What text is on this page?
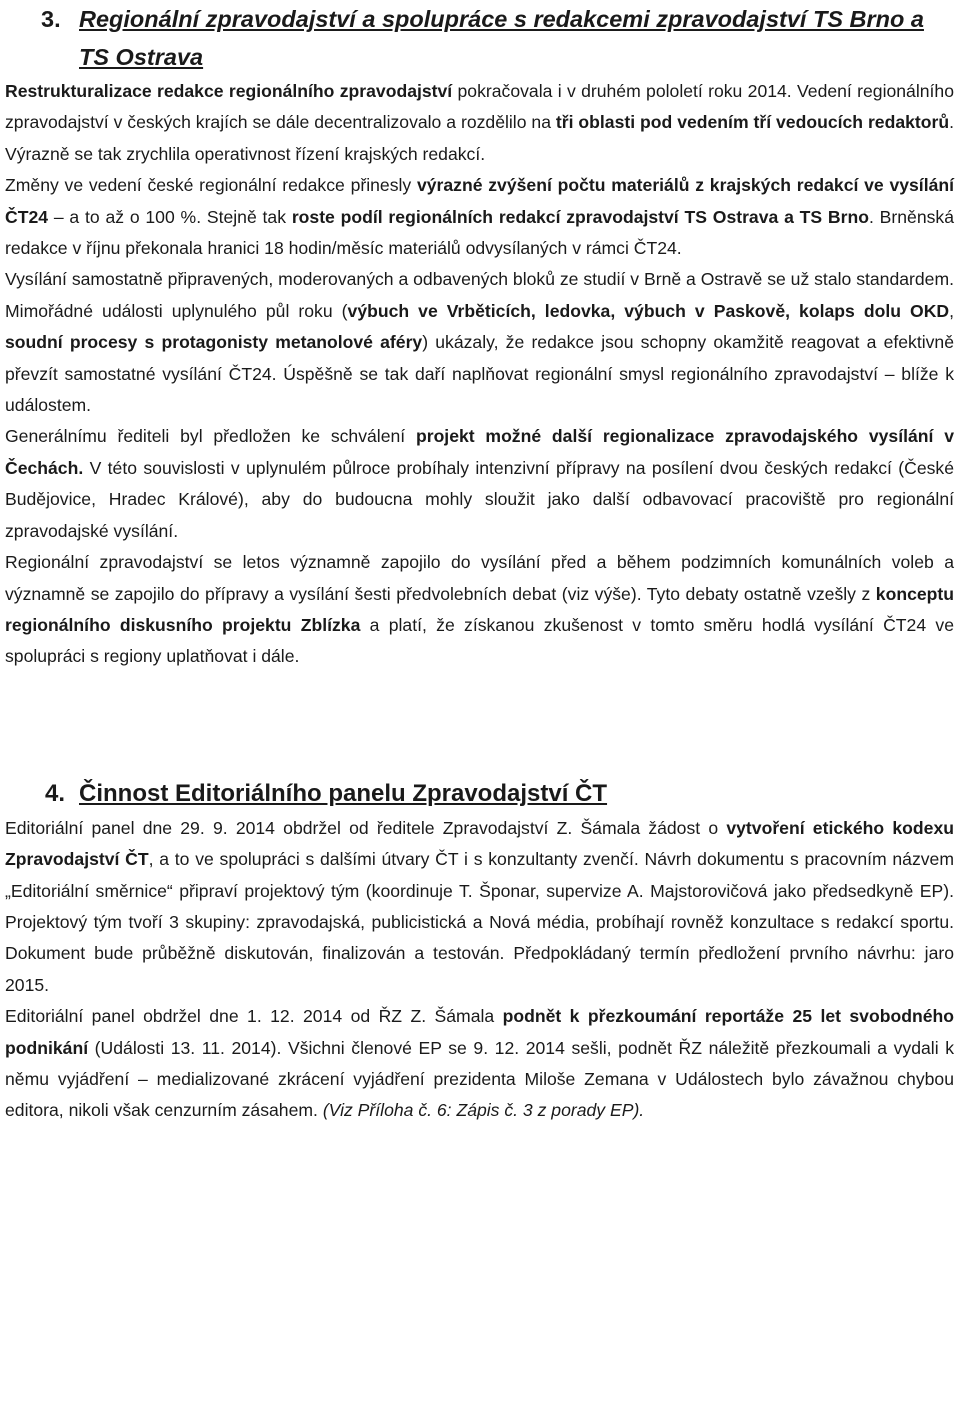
3. Regionální zpravodajství a spolupráce s redakcemi zpravodajství TS Brno a TS Ostrava

Restrukturalizace redakce regionálního zpravodajství pokračovala i v druhém pololetí roku 2014. Vedení regionálního zpravodajství v českých krajích se dále decentralizovalo a rozdělilo na tři oblasti pod vedením tří vedoucích redaktorů. Výrazně se tak zrychlila operativnost řízení krajských redakcí.

Změny ve vedení české regionální redakce přinesly výrazné zvýšení počtu materiálů z krajských redakcí ve vysílání ČT24 – a to až o 100 %. Stejně tak roste podíl regionálních redakcí zpravodajství TS Ostrava a TS Brno. Brněnská redakce v říjnu překonala hranici 18 hodin/měsíc materiálů odvysílaných v rámci ČT24.

Vysílání samostatně připravených, moderovaných a odbavených bloků ze studií v Brně a Ostravě se už stalo standardem. Mimořádné události uplynulého půl roku (výbuch ve Vrběticích, ledovka, výbuch v Paskově, kolaps dolu OKD, soudní procesy s protagonisty metanolové aféry) ukázaly, že redakce jsou schopny okamžitě reagovat a efektivně převzít samostatné vysílání ČT24. Úspěšně se tak daří naplňovat regionální smysl regionálního zpravodajství – blíže k událostem.

Generálnímu řediteli byl předložen ke schválení projekt možné další regionalizace zpravodajského vysílání v Čechách. V této souvislosti v uplynulém půlroce probíhaly intenzivní přípravy na posílení dvou českých redakcí (České Budějovice, Hradec Králové), aby do budoucna mohly sloužit jako další odbavovací pracoviště pro regionální zpravodajské vysílání.

Regionální zpravodajství se letos významně zapojilo do vysílání před a během podzimních komunálních voleb a významně se zapojilo do přípravy a vysílání šesti předvolebních debat (viz výše). Tyto debaty ostatně vzešly z konceptu regionálního diskusního projektu Zblízka a platí, že získanou zkušenost v tomto směru hodlá vysílání ČT24 ve spolupráci s regiony uplatňovat i dále.

4. Činnost Editoriálního panelu Zpravodajství ČT

Editoriální panel dne 29. 9. 2014 obdržel od ředitele Zpravodajství Z. Šámala žádost o vytvoření etického kodexu Zpravodajství ČT, a to ve spolupráci s dalšími útvary ČT i s konzultanty zvenčí. Návrh dokumentu s pracovním názvem „Editoriální směrnice“ připraví projektový tým (koordinuje T. Šponar, supervize A. Majstorovičová jako předsedkyně EP). Projektový tým tvoří 3 skupiny: zpravodajská, publicistická a Nová média, probíhají rovněž konzultace s redakcí sportu. Dokument bude průběžně diskutován, finalizován a testován. Předpokládaný termín předložení prvního návrhu: jaro 2015.

Editoriální panel obdržel dne 1. 12. 2014 od ŘZ Z. Šámala podnět k přezkoumání reportáže 25 let svobodného podnikání (Události 13. 11. 2014). Všichni členové EP se 9. 12. 2014 sešli, podnět ŘZ náležitě přezkoumali a vydali k němu vyjádření – medializované zkrácení vyjádření prezidenta Miloše Zemana v Událostech bylo závažnou chybou editora, nikoli však cenzurním zásahem. (Viz Příloha č. 6: Zápis č. 3 z porady EP).
